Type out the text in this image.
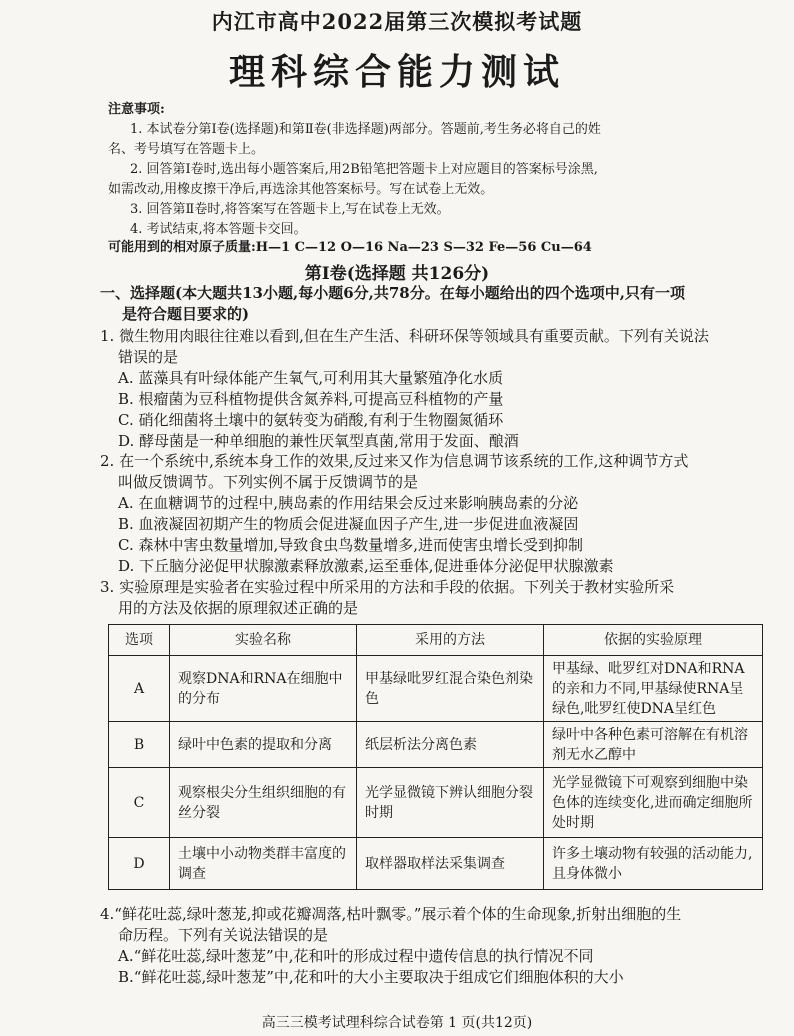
内江市高中2022届第三次模拟考试题
理科综合能力测试
注意事项:
1. 本试卷分第Ⅰ卷(选择题)和第Ⅱ卷(非选择题)两部分。答题前,考生务必将自己的姓
名、考号填写在答题卡上。
2. 回答第Ⅰ卷时,选出每小题答案后,用2B铅笔把答题卡上对应题目的答案标号涂黑,
如需改动,用橡皮擦干净后,再选涂其他答案标号。写在试卷上无效。
3. 回答第Ⅱ卷时,将答案写在答题卡上,写在试卷上无效。
4. 考试结束,将本答题卡交回。
可能用到的相对原子质量:H—1 C—12 O—16 Na—23 S—32 Fe—56 Cu—64
第Ⅰ卷(选择题 共126分)
一、选择题(本大题共13小题,每小题6分,共78分。在每小题给出的四个选项中,只有一项
是符合题目要求的)
1. 微生物用肉眼往往难以看到,但在生产生活、科研环保等领域具有重要贡献。下列有关说法
错误的是
A. 蓝藻具有叶绿体能产生氧气,可利用其大量繁殖净化水质
B. 根瘤菌为豆科植物提供含氮养料,可提高豆科植物的产量
C. 硝化细菌将土壤中的氨转变为硝酸,有利于生物圈氮循环
D. 酵母菌是一种单细胞的兼性厌氧型真菌,常用于发面、酿酒
2. 在一个系统中,系统本身工作的效果,反过来又作为信息调节该系统的工作,这种调节方式
叫做反馈调节。下列实例不属于反馈调节的是
A. 在血糖调节的过程中,胰岛素的作用结果会反过来影响胰岛素的分泌
B. 血液凝固初期产生的物质会促进凝血因子产生,进一步促进血液凝固
C. 森林中害虫数量增加,导致食虫鸟数量增多,进而使害虫增长受到抑制
D. 下丘脑分泌促甲状腺激素释放激素,运至垂体,促进垂体分泌促甲状腺激素
3. 实验原理是实验者在实验过程中所采用的方法和手段的依据。下列关于教材实验所采
用的方法及依据的原理叙述正确的是
选项	实验名称	采用的方法	依据的实验原理
A	观察DNA和RNA在细胞中的分布	甲基绿吡罗红混合染色剂染色	甲基绿、吡罗红对DNA和RNA的亲和力不同,甲基绿使RNA呈绿色,吡罗红使DNA呈红色
B	绿叶中色素的提取和分离	纸层析法分离色素	绿叶中各种色素可溶解在有机溶剂无水乙醇中
C	观察根尖分生组织细胞的有丝分裂	光学显微镜下辨认细胞分裂时期	光学显微镜下可观察到细胞中染色体的连续变化,进而确定细胞所处时期
D	土壤中小动物类群丰富度的调查	取样器取样法采集调查	许多土壤动物有较强的活动能力,且身体微小
4.“鲜花吐蕊,绿叶葱茏,抑或花瓣凋落,枯叶飘零。”展示着个体的生命现象,折射出细胞的生
命历程。下列有关说法错误的是
A.“鲜花吐蕊,绿叶葱茏”中,花和叶的形成过程中遗传信息的执行情况不同
B.“鲜花吐蕊,绿叶葱茏”中,花和叶的大小主要取决于组成它们细胞体积的大小
高三三模考试理科综合试卷第 1 页(共12页)
